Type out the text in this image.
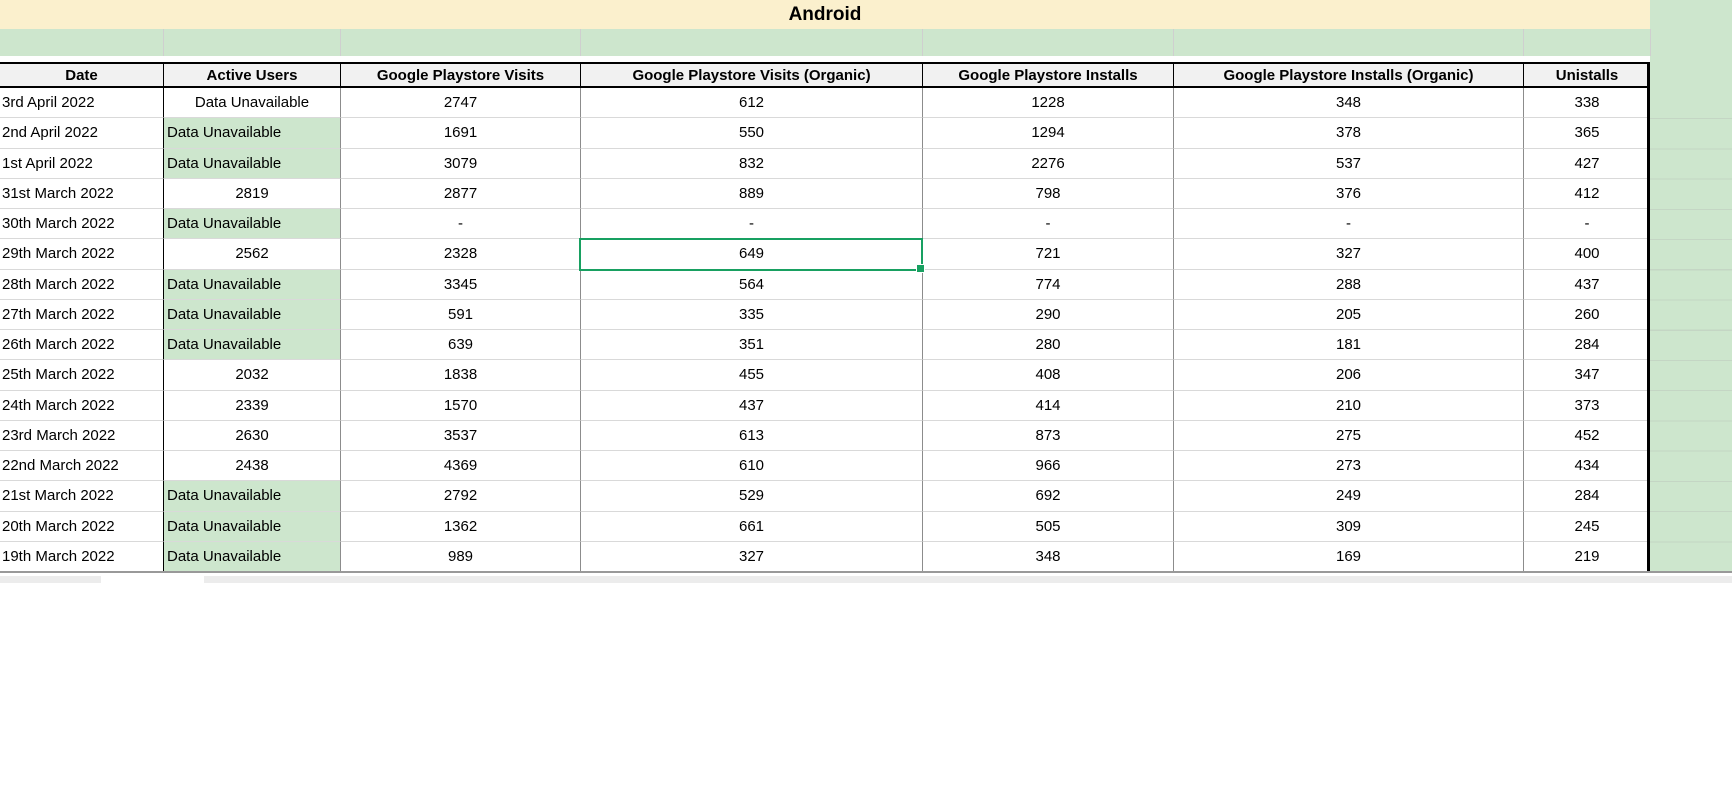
Android
Date	Active Users	Google Playstore Visits	Google Playstore Visits (Organic)	Google Playstore Installs	Google Playstore Installs (Organic)	Unistalls
3rd April 2022	Data Unavailable	2747	612	1228	348	338
2nd April 2022	Data Unavailable	1691	550	1294	378	365
1st April 2022	Data Unavailable	3079	832	2276	537	427
31st March 2022	2819	2877	889	798	376	412
30th March 2022	Data Unavailable	-	-	-	-	-
29th March 2022	2562	2328	649	721	327	400
28th March 2022	Data Unavailable	3345	564	774	288	437
27th March 2022	Data Unavailable	591	335	290	205	260
26th March 2022	Data Unavailable	639	351	280	181	284
25th March 2022	2032	1838	455	408	206	347
24th March 2022	2339	1570	437	414	210	373
23rd March 2022	2630	3537	613	873	275	452
22nd March 2022	2438	4369	610	966	273	434
21st March 2022	Data Unavailable	2792	529	692	249	284
20th March 2022	Data Unavailable	1362	661	505	309	245
19th March 2022	Data Unavailable	989	327	348	169	219
